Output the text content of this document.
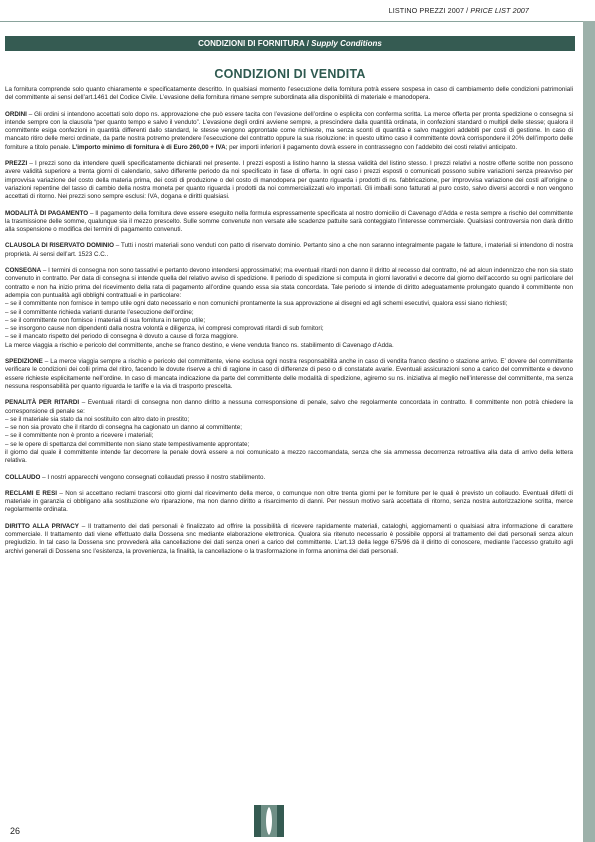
LISTINO PREZZI 2007 / PRICE LIST 2007
CONDIZIONI DI FORNITURA / Supply Conditions
CONDIZIONI DI VENDITA

La fornitura comprende solo quanto chiaramente e specificatamente descritto. In qualsiasi momento l’esecuzione della fornitura potrà essere sospesa in caso di cambiamento delle condizioni patrimoniali del committente ai sensi dell’art.1461 del Codice Civile. L’evasione della fornitura rimane sempre subordinata alla disponibilità di materiale e manodopera.

ORDINI – Gli ordini si intendono accettati solo dopo ns. approvazione che può essere tacita con l’evasione dell’ordine o esplicita con conferma scritta. La merce offerta per pronta spedizione o consegna si intende sempre con la clausola “per quanto tempo e salvo il venduto”. L’evasione degli ordini avviene sempre, a prescindere dalla quantità ordinata, in confezioni standard o multipli delle stesse; qualora il committente esiga confezioni in quantità differenti dallo standard, le stesse vengono approntate come richieste, ma senza sconti di quantità e salvo maggiori addebiti per costi di gestione. In caso di mancato ritiro delle merci ordinate, da parte nostra potremo pretendere l’esecuzione del contratto oppure la sua risoluzione: in questo ultimo caso il committente dovrà corrispondere il 20% dell’importo delle forniture a titolo penale. L’importo minimo di fornitura è di Euro 260,00 + IVA; per importi inferiori il pagamento dovrà essere in contrassegno con l’addebito dei costi relativi anticipato.

PREZZI – I prezzi sono da intendere quelli specificatamente dichiarati nel presente. I prezzi esposti a listino hanno la stessa validità del listino stesso. I prezzi relativi a nostre offerte scritte non possono avere validità superiore a trenta giorni di calendario, salvo differente periodo da noi specificato in fase di offerta. In ogni caso i prezzi esposti o comunicati possono subire variazioni senza preavviso per improvvisa variazione del costo della materia prima, dei costi di produzione o del costo di manodopera per quanto riguarda i prodotti di ns. fabbricazione, per improvvisa variazione dei costi all’origine o variazioni repentine del tasso di cambio della nostra moneta per quanto riguarda i prodotti da noi commercializzati e/o importati. Gli imballi sono fatturati al puro costo, salvo diversi accordi e non vengono accettati di ritorno. Nei prezzi sono sempre esclusi: IVA, dogana e diritti qualsiasi.

MODALITÀ DI PAGAMENTO – Il pagamento della fornitura deve essere eseguito nella formula espressamente specificata al nostro domicilio di Cavenago d’Adda e resta sempre a rischio del committente la trasmissione delle somme, qualunque sia il mezzo prescelto. Sulle somme convenute non versate alle scadenze pattuite sarà conteggiato l’interesse commerciale. Qualsiasi controversia non darà diritto alla sospensione o modifica dei termini di pagamento convenuti.

CLAUSOLA DI RISERVATO DOMINIO – Tutti i nostri materiali sono venduti con patto di riservato dominio. Pertanto sino a che non saranno integralmente pagate le fatture, i materiali si intendono di nostra proprietà. Ai sensi dell’art. 1523 C.C..

CONSEGNA – I termini di consegna non sono tassativi e pertanto devono intendersi approssimativi; ma eventuali ritardi non danno il diritto al recesso dal contratto, né ad alcun indennizzo che non sia stato convenuto in contratto. Per data di consegna si intende quella del relativo avviso di spedizione. Il periodo di spedizione si computa in giorni lavorativi e decorre dal giorno dell’accordo su ogni particolare del contratto e non ha inizio prima del ricevimento della rata di pagamento all’ordine quando essa sia stata concordata. Tale periodo si intende di diritto adeguatamente prolungato quando il committente non adempia con puntualità agli obblighi contrattuali e in particolare:

– se il committente non fornisce in tempo utile ogni dato necessario e non comunichi prontamente la sua approvazione ai disegni ed agli schemi esecutivi, qualora essi siano richiesti;
– se il committente richieda varianti durante l’esecuzione dell’ordine;
– se il committente non fornisce i materiali di sua fornitura in tempo utile;
– se insorgono cause non dipendenti dalla nostra volontà e diligenza, ivi compresi comprovati ritardi di sub fornitori;
– se il mancato rispetto del periodo di consegna è dovuto a cause di forza maggiore.

La merce viaggia a rischio e pericolo del committente, anche se franco destino, e viene venduta franco ns. stabilimento di Cavenago d’Adda.

SPEDIZIONE – La merce viaggia sempre a rischio e pericolo del committente, viene esclusa ogni nostra responsabilità anche in caso di vendita franco destino o stazione arrivo. E’ dovere del committente verificare le condizioni dei colli prima del ritiro, facendo le dovute riserve a chi di ragione in caso di differenze di peso o di constatate avarie. Eventuali assicurazioni sono a carico del committente e devono essere richieste esplicitamente nell’ordine. In caso di mancata indicazione da parte del committente delle modalità di spedizione, agiremo su ns. iniziativa al meglio nell’interesse del committente, ma senza nessuna responsabilità per quanto riguarda le tariffe e la via di trasporto prescelta.

PENALITÀ PER RITARDI – Eventuali ritardi di consegna non danno diritto a nessuna corresponsione di penale, salvo che regolarmente concordata in contratto. Il committente non potrà chiedere la corresponsione di penale se:

– se il materiale sia stato da noi sostituito con altro dato in prestito;
– se non sia provato che il ritardo di consegna ha cagionato un danno al committente;
– se il committente non è pronto a ricevere i materiali;
– se le opere di spettanza del committente non siano state tempestivamente approntate;

il giorno dal quale il committente intende far decorrere la penale dovrà essere a noi comunicato a mezzo raccomandata, senza che sia ammessa decorrenza retroattiva alla data di arrivo della lettera relativa.

COLLAUDO – I nostri apparecchi vengono consegnati collaudati presso il nostro stabilimento.

RECLAMI E RESI – Non si accettano reclami trascorsi otto giorni dal ricevimento della merce, o comunque non oltre trenta giorni per le forniture per le quali è previsto un collaudo. Eventuali difetti di materiale in garanzia ci obbligano alla sostituzione e/o riparazione, ma non danno diritto a risarcimento di danni. Per nessun motivo sarà accettata di ritorno, senza nostra autorizzazione scritta, merce regolarmente ordinata.

DIRITTO ALLA PRIVACY – Il trattamento dei dati personali è finalizzato ad offrire la possibilità di ricevere rapidamente materiali, cataloghi, aggiornamenti o qualsiasi altra informazione di carattere commerciale. Il trattamento dati viene effettuato dalla Dossena snc mediante elaborazione elettronica. Qualora sia ritenuto necessario è possibile opporsi al trattamento dei dati personali senza alcun pregiudizio. In tal caso la Dossena snc provvederà alla cancellazione dei dati senza oneri a carico del committente. L’art.13 della legge 675/96 dà il diritto di conoscere, mediante l’accesso gratuito agli archivi generali di Dossena snc l’esistenza, la provenienza, la finalità, la cancellazione o la trasformazione in forma anonima dei dati personali.

26
